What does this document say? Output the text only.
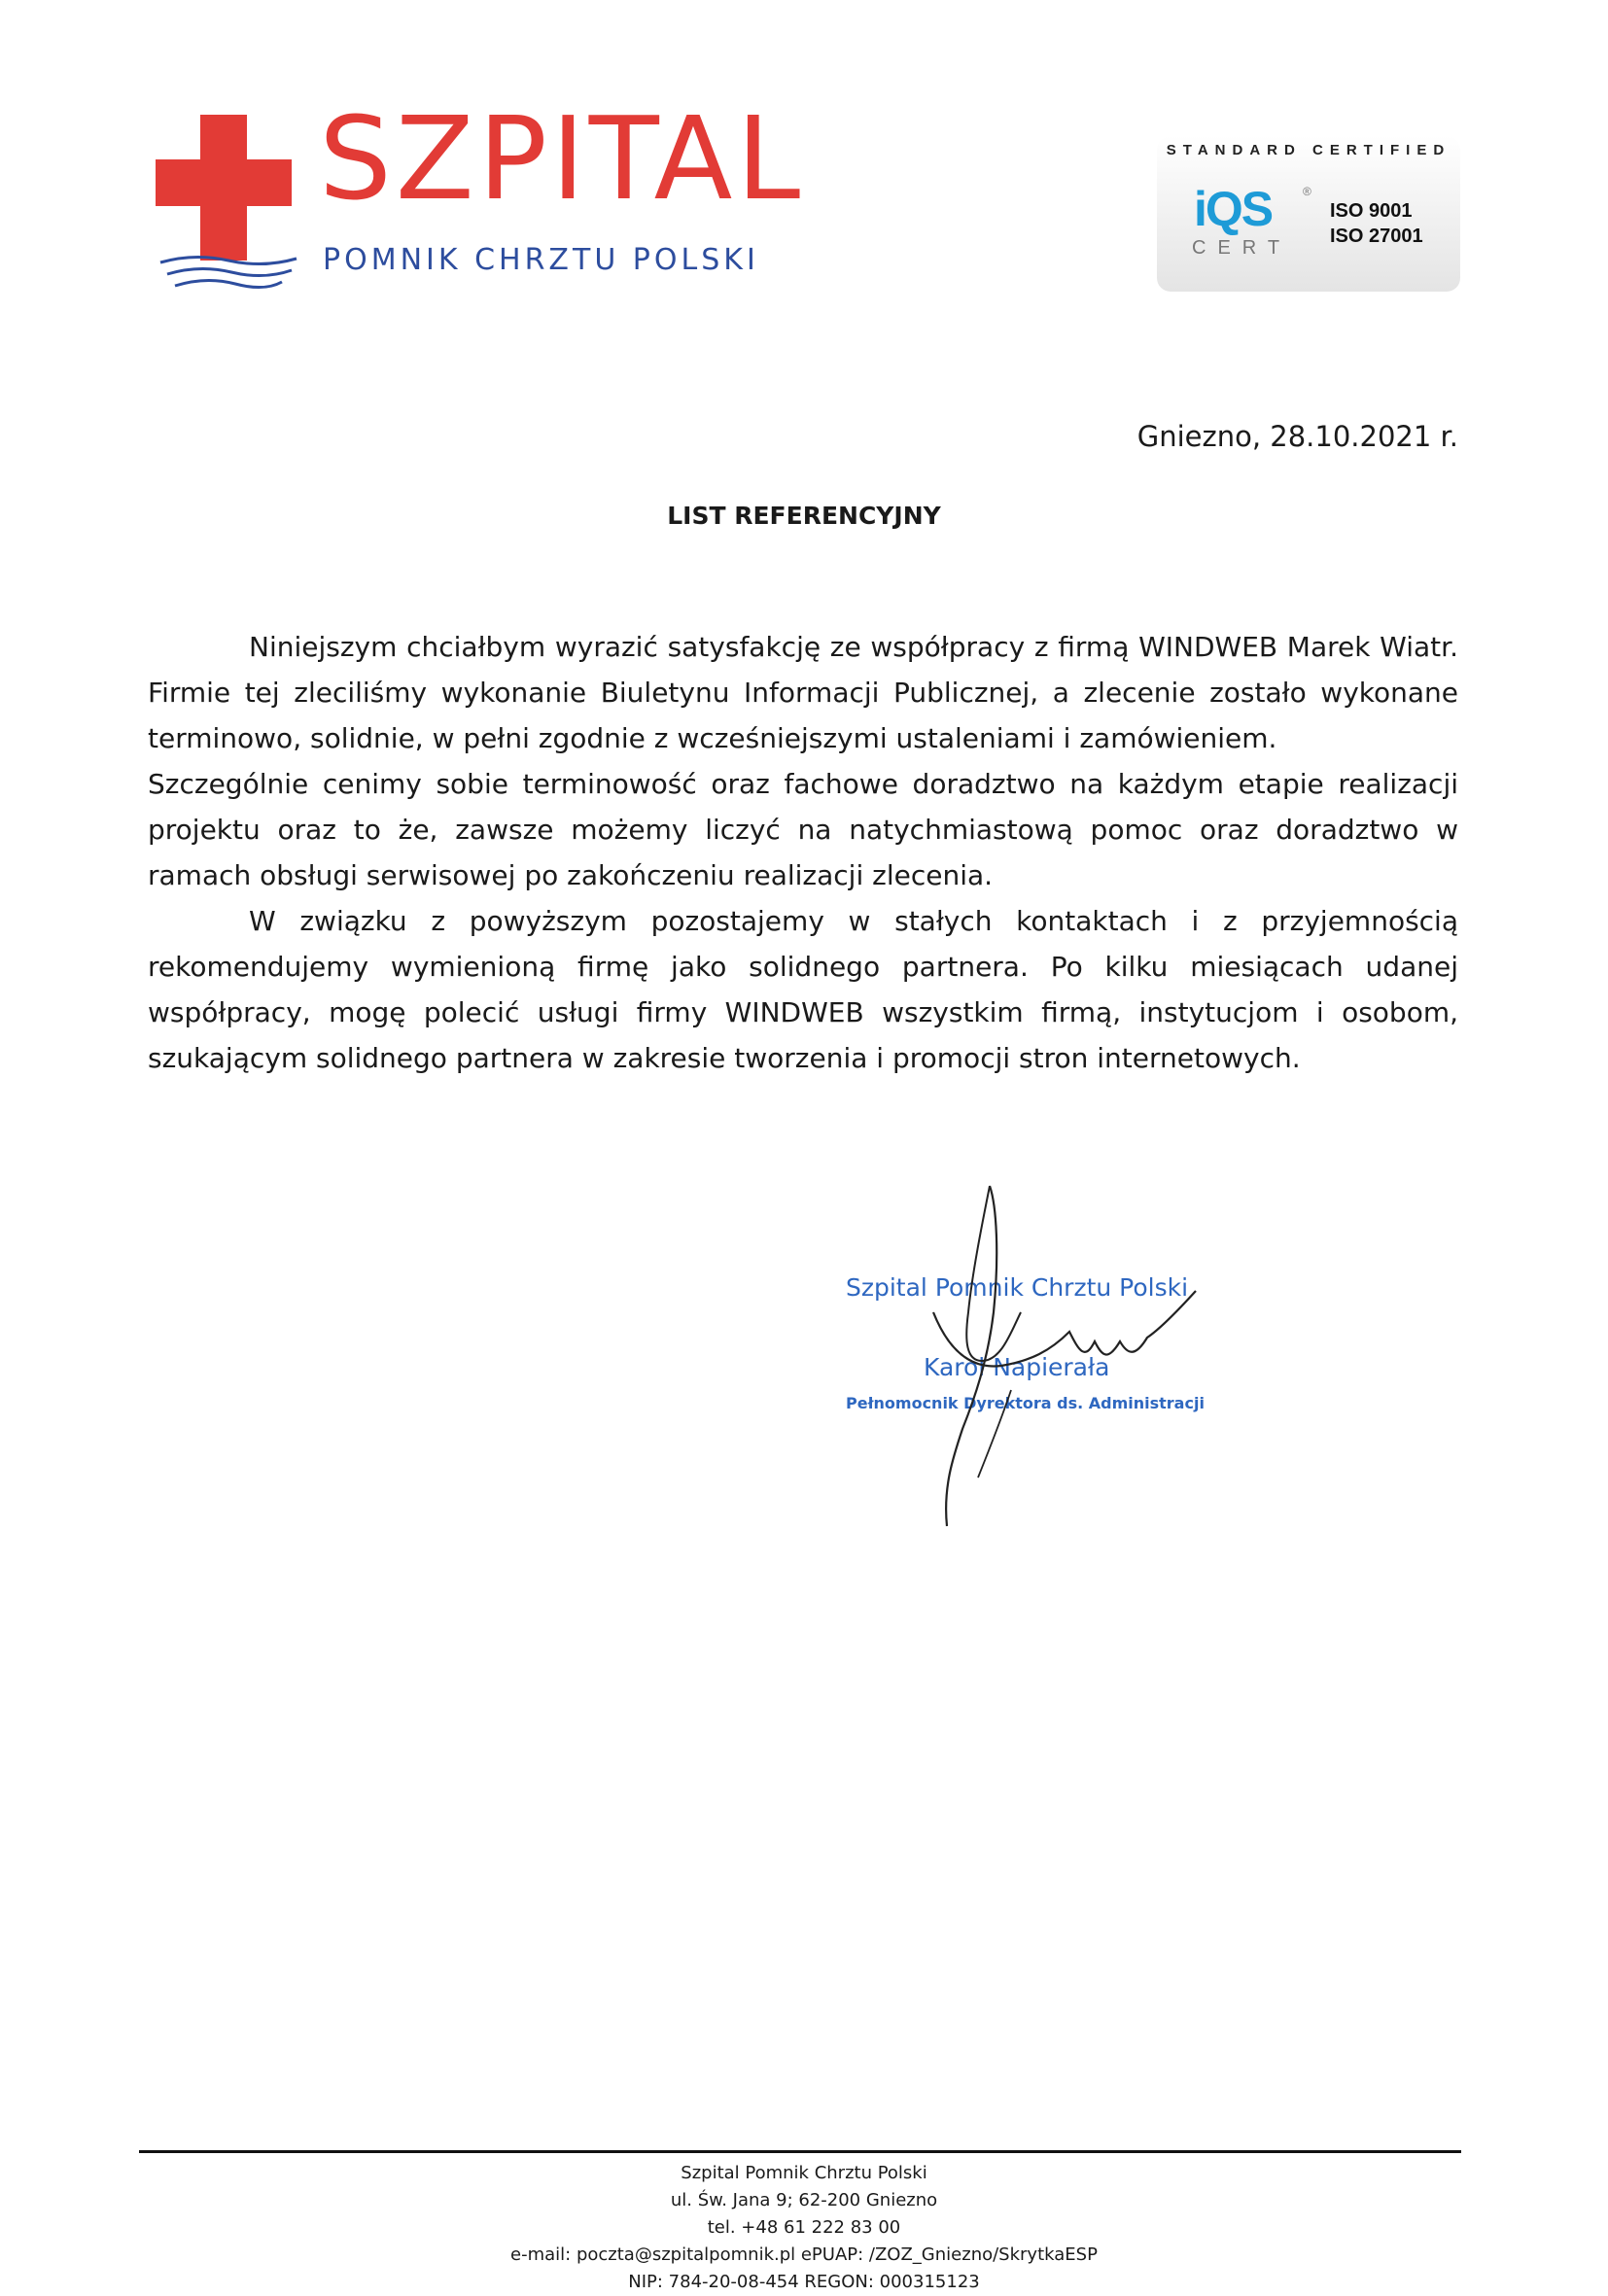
SZPITAL
POMNIK CHRZTU POLSKI
STANDARD CERTIFIED
iQS	®
CERT
ISO 9001
ISO 27001
Gniezno, 28.10.2021 r.
LIST REFERENCYJNY

Niniejszym chciałbym wyrazić satysfakcję ze współpracy z firmą WINDWEB Marek Wiatr. Firmie tej zleciliśmy wykonanie Biuletynu Informacji Publicznej, a zlecenie zostało wykonane terminowo, solidnie, w pełni zgodnie z wcześniejszymi ustaleniami i zamówieniem.

Szczególnie cenimy sobie terminowość oraz fachowe doradztwo na każdym etapie realizacji projektu oraz to że, zawsze możemy liczyć na natychmiastową pomoc oraz doradztwo w ramach obsługi serwisowej po zakończeniu realizacji zlecenia.

W związku z powyższym pozostajemy w stałych kontaktach i z przyjemnością rekomendujemy wymienioną firmę jako solidnego partnera. Po kilku miesiącach udanej współpracy, mogę polecić usługi firmy WINDWEB wszystkim firmą, instytucjom i osobom, szukającym solidnego partnera w zakresie tworzenia i promocji stron internetowych.

Szpital Pomnik Chrztu Polski
Karol Napierała
Pełnomocnik Dyrektora ds. Administracji
Szpital Pomnik Chrztu Polski
ul. Św. Jana 9; 62-200 Gniezno
tel. +48 61 222 83 00
e-mail: poczta@szpitalpomnik.pl ePUAP: /ZOZ_Gniezno/SkrytkaESP
NIP: 784-20-08-454 REGON: 000315123
